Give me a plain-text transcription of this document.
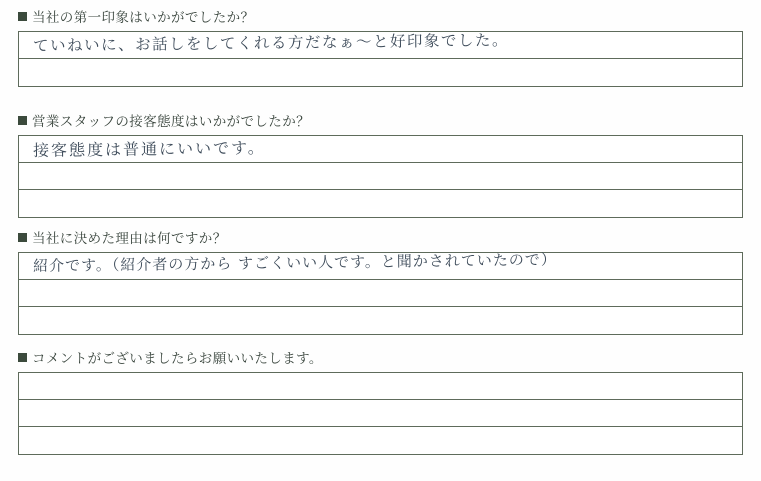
当社の第一印象はいかがでしたか？
ていねいに、お話しをしてくれる方だなぁ～と好印象でした。
営業スタッフの接客態度はいかがでしたか？
接客態度は普通にいいです。
当社に決めた理由は何ですか？
紹介です。（紹介者の方から すごくいい人です。と聞かされていたので）
コメントがございましたらお願いいたします。
